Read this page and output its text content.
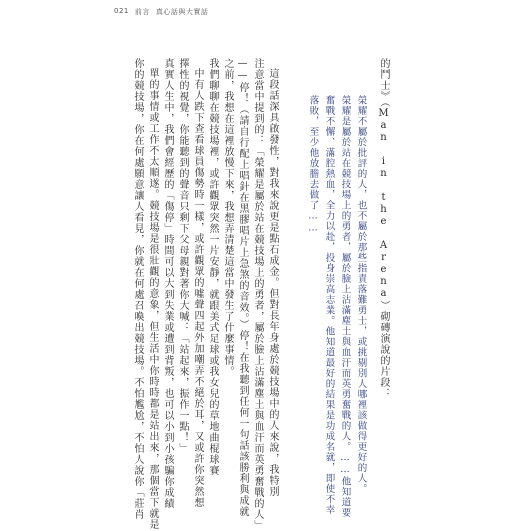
021 前言 真心話與大實話
的鬥士》（Man in the Arena）砌磚演說的片段：
榮耀不屬於批評的人，也不屬於那些指責落難勇士，或挑剔別人哪裡該做得更好的人。
榮耀是屬於站在競技場上的勇者，屬於臉上沾滿塵土與血汗而英勇奮戰的人。……他知道要
奮戰不懈、滿腔熱血，全力以赴，投身崇高志業。他知道最好的結果是功成名就，即使不幸
落敗，至少他放膽去做了……
這段話深具啟發性，對我來說更是點石成金。但對長年身處於競技場中的人來說，我特別
注意當中提到的：「榮耀是屬於站在競技場上的勇者，屬於臉上沾滿塵土與血汗而英勇奮戰的人」
——停！（請自行配上唱針在黑膠唱片上急煞的音效。）停！在我聽到任何一句話該勝利與成就
之前，我想在這裡放慢下來，我想弄清楚這當中發生了什麼事情。
我們聊聊在競技場裡，或許觀眾突然一片安靜，就跟美式足球或我女兒的草地曲棍球賽
中有人跌下查看球員傷勢時一樣，或許觀眾的噓聲四起外加嘲弄不絕於耳，又或許你突然想
擇性的視覺，你能聽到的聲音只剩下父母親對著你大喊：「站起來，振作一點！」
真實人生中，我們會經歷的「傷停」時間可以大到失業或遭到背叛，也可以小到小孩騙你成績
單的事情或工作不太順遂。競技場是很壯觀的意象，但生活中你時時都是站出來，那個當下就是
你的競技場，你在何處願意讓人看見，你就在何處召喚出競技場。不怕尷尬，不怕人說你「莊肖
